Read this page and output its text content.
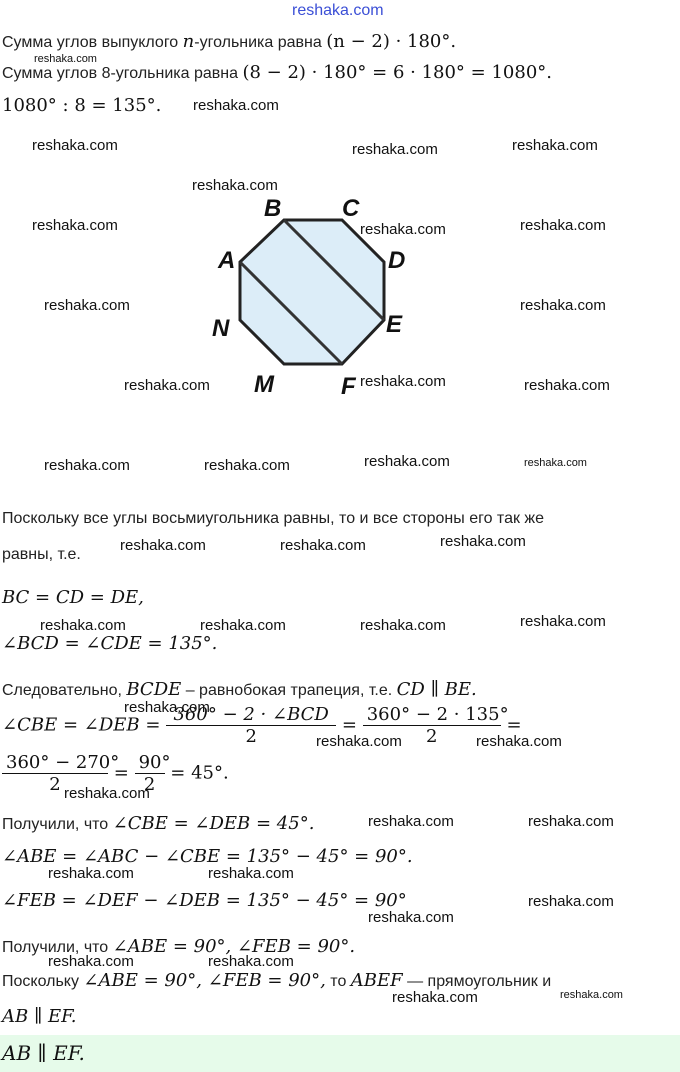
reshaka.com
Сумма углов выпуклого n-угольника равна (n − 2) · 180°.
reshaka.com
Сумма углов 8-угольника равна (8 − 2) · 180° = 6 · 180° = 1080°.
1080° : 8 = 135°. reshaka.com
reshaka.com	reshaka.com	reshaka.com
reshaka.com
reshaka.com	reshaka.com	reshaka.com
reshaka.com	reshaka.com
reshaka.com	reshaka.com	reshaka.com
reshaka.com	reshaka.com	reshaka.com	reshaka.com
B	C
A	D
N	E
M	F
Поскольку все углы восьмиугольника равны, то и все стороны его так же
равны, т.е.
reshaka.com	reshaka.com	reshaka.com
BC = CD = DE,
reshaka.com	reshaka.com	reshaka.com	reshaka.com
∠BCD = ∠CDE = 135°.
Следовательно, BCDE – равнобокая трапеция, т.е. CD ∥ BE.
reshaka.com
∠CBE = ∠DEB = $\frac{\text{360° − 2 · ∠BCD}}{2} = \frac{360^\circ - 2 \cdot 135^\circ}{2}$ =
reshaka.com	reshaka.com
$\frac{360^\circ - 270^\circ}{2} = \frac{90^\circ}{2} = 45^\circ$.
reshaka.com
Получили, что ∠CBE = ∠DEB = 45°.	reshaka.com	reshaka.com
∠ABE = ∠ABC − ∠CBE = 135° − 45° = 90°.
reshaka.com	reshaka.com
∠FEB = ∠DEF − ∠DEB = 135° − 45° = 90°	reshaka.com
reshaka.com
Получили, что ∠ABE = 90°, ∠FEB = 90°.
reshaka.com	reshaka.com
Поскольку ∠ABE = 90°, ∠FEB = 90°, то ABEF — прямоугольник и
reshaka.com	reshaka.com
AB ∥ EF.
AB ∥ EF.
